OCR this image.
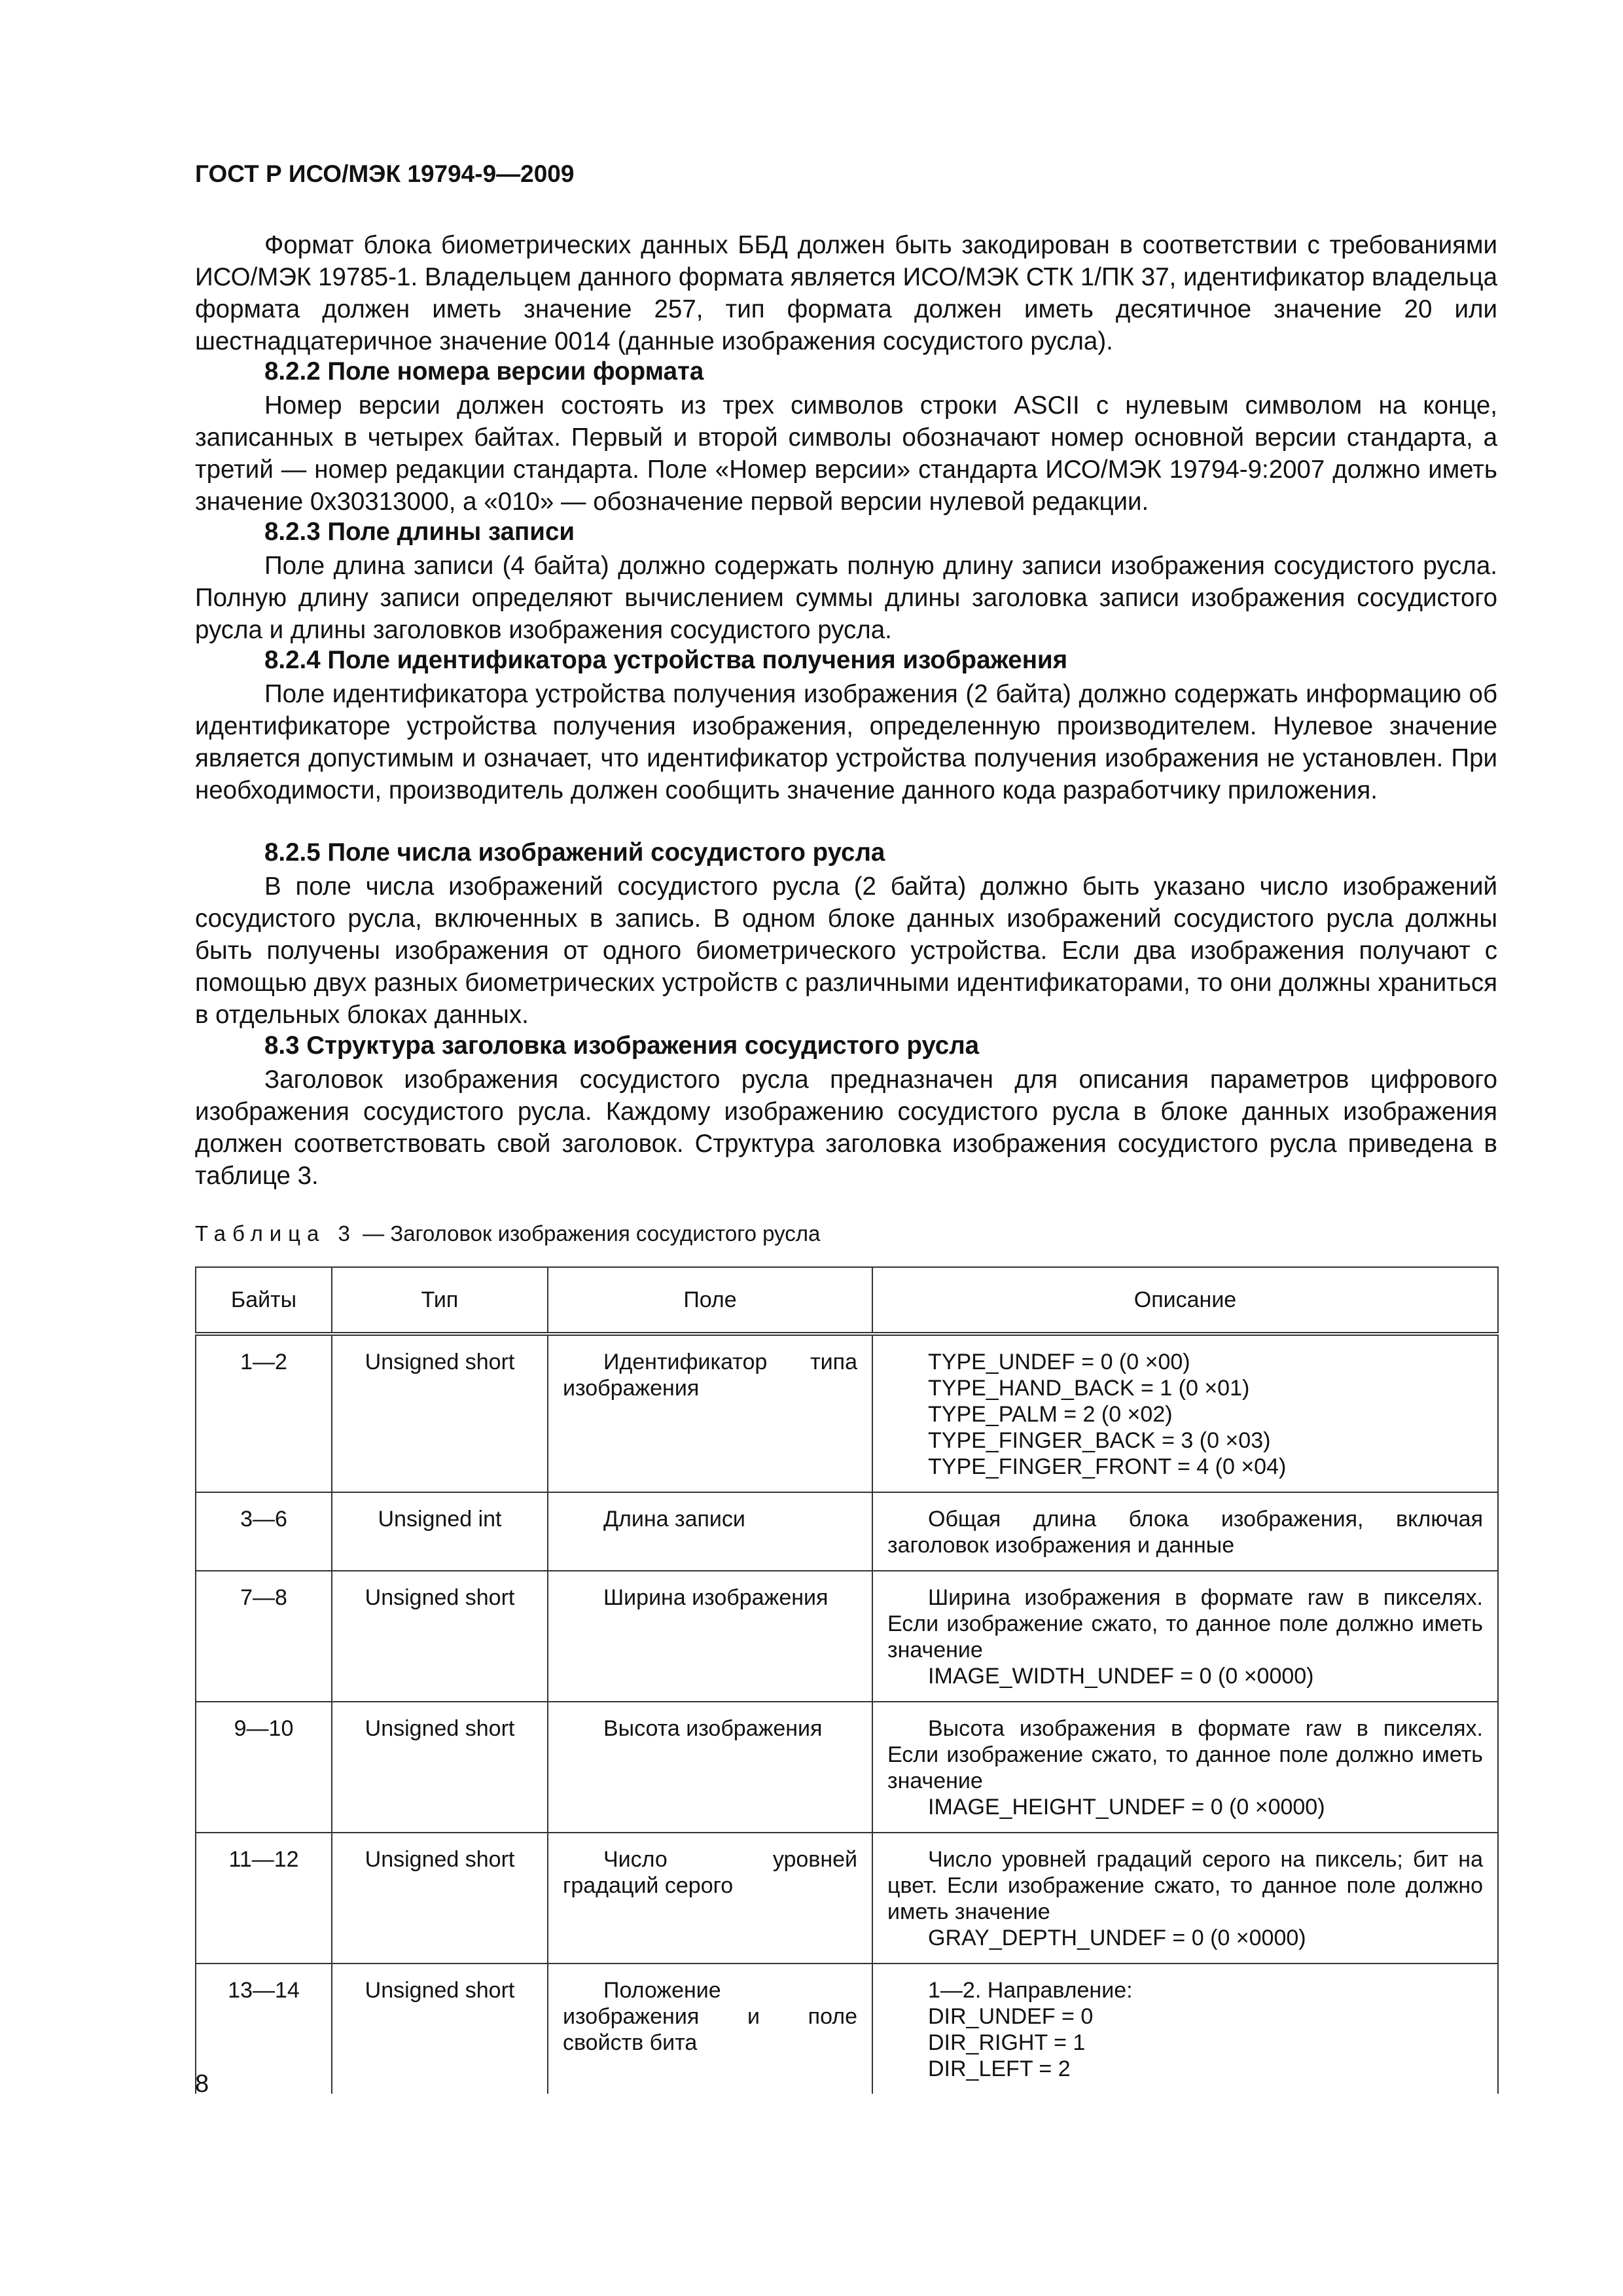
ГОСТ Р ИСО/МЭК 19794-9—2009

Формат блока биометрических данных ББД должен быть закодирован в соответствии с требованиями ИСО/МЭК 19785-1. Владельцем данного формата является ИСО/МЭК СТК 1/ПК 37, идентификатор владельца формата должен иметь значение 257, тип формата должен иметь десятичное значение 20 или шестнадцатеричное значение 0014 (данные изображения сосудистого русла).

8.2.2 Поле номера версии формата

Номер версии должен состоять из трех символов строки ASCII с нулевым символом на конце, записанных в четырех байтах. Первый и второй символы обозначают номер основной версии стандарта, а третий — номер редакции стандарта. Поле «Номер версии» стандарта ИСО/МЭК 19794-9:2007 должно иметь значение 0x30313000, а «010» — обозначение первой версии нулевой редакции.

8.2.3 Поле длины записи

Поле длина записи (4 байта) должно содержать полную длину записи изображения сосудистого русла. Полную длину записи определяют вычислением суммы длины заголовка записи изображения сосудистого русла и длины заголовков изображения сосудистого русла.

8.2.4 Поле идентификатора устройства получения изображения

Поле идентификатора устройства получения изображения (2 байта) должно содержать информацию об идентификаторе устройства получения изображения, определенную производителем. Нулевое значение является допустимым и означает, что идентификатор устройства получения изображения не установлен. При необходимости, производитель должен сообщить значение данного кода разработчику приложения.

8.2.5 Поле числа изображений сосудистого русла

В поле числа изображений сосудистого русла (2 байта) должно быть указано число изображений сосудистого русла, включенных в запись. В одном блоке данных изображений сосудистого русла должны быть получены изображения от одного биометрического устройства. Если два изображения получают с помощью двух разных биометрических устройств с различными идентификаторами, то они должны храниться в отдельных блоках данных.

8.3 Структура заголовка изображения сосудистого русла

Заголовок изображения сосудистого русла предназначен для описания параметров цифрового изображения сосудистого русла. Каждому изображению сосудистого русла в блоке данных изображения должен соответствовать свой заголовок. Структура заголовка изображения сосудистого русла приведена в таблице 3.

Таблица 3 — Заголовок изображения сосудистого русла
Байты	Тип	Поле	Описание
1—2	Unsigned short	Идентификатор типа изображения	TYPE_UNDEF = 0 (0 ×00)
TYPE_HAND_BACK = 1 (0 ×01)
TYPE_PALM = 2 (0 ×02)
TYPE_FINGER_BACK = 3 (0 ×03)
TYPE_FINGER_FRONT = 4 (0 ×04)

3—6	Unsigned int	Длина записи	Общая длина блока изображения, включая заголовок изображения и данные

7—8	Unsigned short	Ширина изображения	Ширина изображения в формате raw в пикселях. Если изображение сжато, то данное поле должно иметь значение
IMAGE_WIDTH_UNDEF = 0 (0 ×0000)

9—10	Unsigned short	Высота изображения	Высота изображения в формате raw в пикселях. Если изображение сжато, то данное поле должно иметь значение
IMAGE_HEIGHT_UNDEF = 0 (0 ×0000)

11—12	Unsigned short	Число уровней градаций серого	Число уровней градаций серого на пиксель; бит на цвет. Если изображение сжато, то данное поле должно иметь значение
GRAY_DEPTH_UNDEF = 0 (0 ×0000)

13—14	Unsigned short	Положение изображения и поле свойств бита	1—2. Направление:
DIR_UNDEF = 0
DIR_RIGHT = 1
DIR_LEFT = 2
8
